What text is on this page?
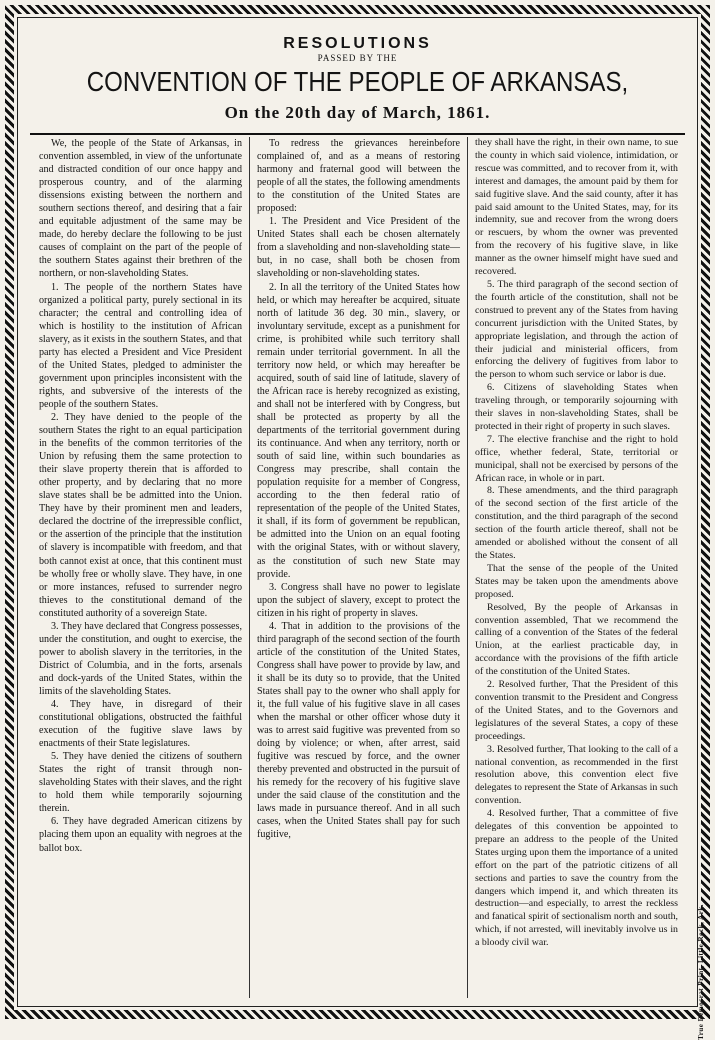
RESOLUTIONS
PASSED BY THE
CONVENTION OF THE PEOPLE OF ARKANSAS,
On the 20th day of March, 1861.

We, the people of the State of Arkansas, in convention assembled, in view of the unfortunate and distracted condition of our once happy and prosperous country, and of the alarming dissensions existing between the northern and southern sections thereof, and desiring that a fair and equitable adjustment of the same may be made, do hereby declare the following to be just causes of complaint on the part of the people of the southern States against their brethren of the northern, or non-slaveholding States.

1. The people of the northern States have organized a political party, purely sectional in its character; the central and controlling idea of which is hostility to the institution of African slavery, as it exists in the southern States, and that party has elected a President and Vice President of the United States, pledged to administer the government upon principles inconsistent with the rights, and subversive of the interests of the people of the southern States.

2. They have denied to the people of the southern States the right to an equal participation in the benefits of the common territories of the Union by refusing them the same protection to their slave property therein that is afforded to other property, and by declaring that no more slave states shall be be admitted into the Union. They have by their prominent men and leaders, declared the doctrine of the irrepressible conflict, or the assertion of the principle that the institution of slavery is incompatible with freedom, and that both cannot exist at once, that this continent must be wholly free or wholly slave. They have, in one or more instances, refused to surrender negro thieves to the constitutional demand of the constituted authority of a sovereign State.

3. They have declared that Congress possesses, under the constitution, and ought to exercise, the power to abolish slavery in the territories, in the District of Columbia, and in the forts, arsenals and dock-yards of the United States, within the limits of the slaveholding States.

4. They have, in disregard of their constitutional obligations, obstructed the faithful execution of the fugitive slave laws by enactments of their State legislatures.

5. They have denied the citizens of southern States the right of transit through non-slaveholding States with their slaves, and the right to hold them while temporarily sojourning therein.

6. They have degraded American citizens by placing them upon an equality with negroes at the ballot box.

To redress the grievances hereinbefore complained of, and as a means of restoring harmony and fraternal good will between the people of all the states, the following amendments to the constitution of the United States are proposed:

1. The President and Vice President of the United States shall each be chosen alternately from a slaveholding and non-slaveholding state—but, in no case, shall both be chosen from slaveholding or non-slaveholding states.

2. In all the territory of the United States how held, or which may hereafter be acquired, situate north of latitude 36 deg. 30 min., slavery, or involuntary servitude, except as a punishment for crime, is prohibited while such territory shall remain under territorial government. In all the territory now held, or which may hereafter be acquired, south of said line of latitude, slavery of the African race is hereby recognized as existing, and shall not be interfered with by Congress, but shall be protected as property by all the departments of the territorial government during its continuance. And when any territory, north or south of said line, within such boundaries as Congress may prescribe, shall contain the population requisite for a member of Congress, according to the then federal ratio of representation of the people of the United States, it shall, if its form of government be republican, be admitted into the Union on an equal footing with the original States, with or without slavery, as the constitution of such new State may provide.

3. Congress shall have no power to legislate upon the subject of slavery, except to protect the citizen in his right of property in slaves.

4. That in addition to the provisions of the third paragraph of the second section of the fourth article of the constitution of the United States, Congress shall have power to provide by law, and it shall be its duty so to provide, that the United States shall pay to the owner who shall apply for it, the full value of his fugitive slave in all cases when the marshal or other officer whose duty it was to arrest said fugitive was prevented from so doing by violence; or when, after arrest, said fugitive was rescued by force, and the owner thereby prevented and obstructed in the pursuit of his remedy for the recovery of his fugitive slave under the said clause of the constitution and the laws made in pursuance thereof. And in all such cases, when the United States shall pay for such fugitive,

they shall have the right, in their own name, to sue the county in which said violence, intimidation, or rescue was committed, and to recover from it, with interest and damages, the amount paid by them for said fugitive slave. And the said county, after it has paid said amount to the United States, may, for its indemnity, sue and recover from the wrong doers or rescuers, by whom the owner was prevented from the recovery of his fugitive slave, in like manner as the owner himself might have sued and recovered.

5. The third paragraph of the second section of the fourth article of the constitution, shall not be construed to prevent any of the States from having concurrent jurisdiction with the United States, by appropriate legislation, and through the action of their judicial and ministerial officers, from enforcing the delivery of fugitives from labor to the person to whom such service or labor is due.

6. Citizens of slaveholding States when traveling through, or temporarily sojourning with their slaves in non-slaveholding States, shall be protected in their right of property in such slaves.

7. The elective franchise and the right to hold office, whether federal, State, territorial or municipal, shall not be exercised by persons of the African race, in whole or in part.

8. These amendments, and the third paragraph of the second section of the first article of the constitution, and the third paragraph of the second section of the fourth article thereof, shall not be amended or abolished without the consent of all the States.

That the sense of the people of the United States may be taken upon the amendments above proposed.

Resolved, By the people of Arkansas in convention assembled, That we recommend the calling of a convention of the States of the federal Union, at the earliest practicable day, in accordance with the provisions of the fifth article of the constitution of the United States.

2. Resolved further, That the President of this convention transmit to the President and Congress of the United States, and to the Governors and legislatures of the several States, a copy of these proceedings.

3. Resolved further, That looking to the call of a national convention, as recommended in the first resolution above, this convention elect five delegates to represent the State of Arkansas in such convention.

4. Resolved further, That a committee of five delegates of this convention be appointed to prepare an address to the people of the United States urging upon them the importance of a united effort on the part of the patriotic citizens of all sections and parties to save the country from the dangers which impend it, and which threaten its destruction—and especially, to arrest the reckless and fanatical spirit of sectionalism north and south, which, if not arrested, will inevitably involve us in a bloody civil war.	True Democrat Print, Little Rock, Ark.
